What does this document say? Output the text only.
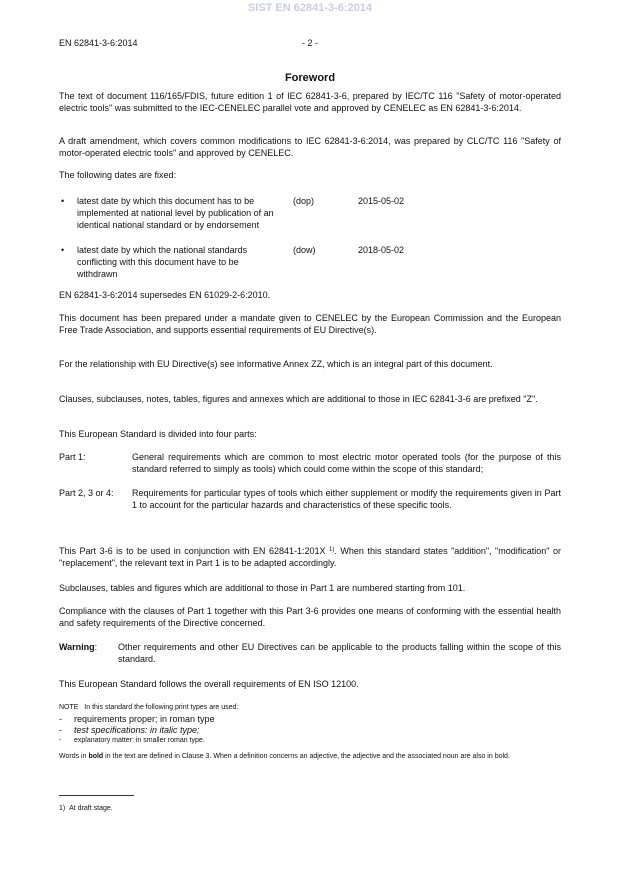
SIST EN 62841-3-6:2014
EN 62841-3-6:2014	- 2 -
Foreword
The text of document 116/165/FDIS, future edition 1 of IEC 62841-3-6, prepared by IEC/TC 116 "Safety of motor-operated electric tools" was submitted to the IEC-CENELEC parallel vote and approved by CENELEC as EN 62841-3-6:2014.
A draft amendment, which covers common modifications to IEC 62841-3-6:2014, was prepared by CLC/TC 116 "Safety of motor-operated electric tools" and approved by CENELEC.
The following dates are fixed:
• latest date by which this document has to be implemented at national level by publication of an identical national standard or by endorsement
(dop)	2015-05-02
• latest date by which the national standards conflicting with this document have to be withdrawn
(dow)	2018-05-02
EN 62841-3-6:2014 supersedes EN 61029-2-6:2010.
This document has been prepared under a mandate given to CENELEC by the European Commission and the European Free Trade Association, and supports essential requirements of EU Directive(s).
For the relationship with EU Directive(s) see informative Annex ZZ, which is an integral part of this document.
Clauses, subclauses, notes, tables, figures and annexes which are additional to those in IEC 62841-3-6 are prefixed "Z".
This European Standard is divided into four parts:
Part 1:	General requirements which are common to most electric motor operated tools (for the purpose of this standard referred to simply as tools) which could come within the scope of this standard;
Part 2, 3 or 4: Requirements for particular types of tools which either supplement or modify the requirements given in Part 1 to account for the particular hazards and characteristics of these specific tools.
This Part 3-6 is to be used in conjunction with EN 62841-1:201X $^{1)}$. When this standard states "addition", "modification" or "replacement", the relevant text in Part 1 is to be adapted accordingly.
Subclauses, tables and figures which are additional to those in Part 1 are numbered starting from 101.
Compliance with the clauses of Part 1 together with this Part 3-6 provides one means of conforming with the essential health and safety requirements of the Directive concerned.
Warning: Other requirements and other EU Directives can be applicable to the products falling within the scope of this standard.
This European Standard follows the overall requirements of EN ISO 12100.
NOTE In this standard the following print types are used:
- requirements proper; in roman type
- test specifications: in italic type;
- explanatory matter: in smaller roman type.
Words in bold in the text are defined in Clause 3. When a definition concerns an adjective, the adjective and the associated noun are also in bold.
1) At draft stage.
